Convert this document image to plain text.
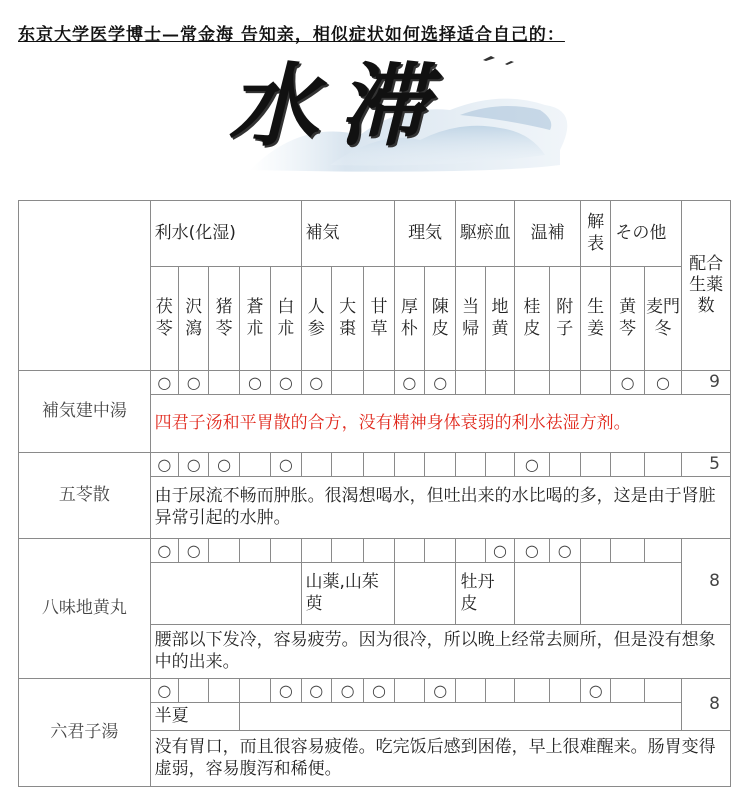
东京大学医学博士—常金海 告知亲，相似症状如何选择适合自己的：
水滞
	利水(化湿)					補気			理気		駆瘀血		温補		解表	その他		配合生薬数
	茯苓	沢瀉	猪苓	蒼朮	白朮	人参	大棗	甘草	厚朴	陳皮	当帰	地黄	桂皮	附子	生姜	黄芩	麦門冬	
補気建中湯	○	○		○	○	○			○	○						○	○	9
	四君子汤和平胃散的合方，没有精神身体衰弱的利水祛湿方剂。																	
五苓散	○	○	○		○								○					5
	由于尿流不畅而肿胀。很渴想喝水，但吐出来的水比喝的多，这是由于肾脏异常引起的水肿。																	
八味地黄丸	○	○										○	○	○				8
						山薬,山茱萸					牡丹皮							
	腰部以下发冷，容易疲劳。因为很冷，所以晚上经常去厕所，但是没有想象中的出来。																	
六君子湯	○				○	○	○	○		○					○			8
	半夏																	
	没有胃口，而且很容易疲倦。吃完饭后感到困倦，早上很难醒来。肠胃变得虚弱，容易腹泻和稀便。																	
